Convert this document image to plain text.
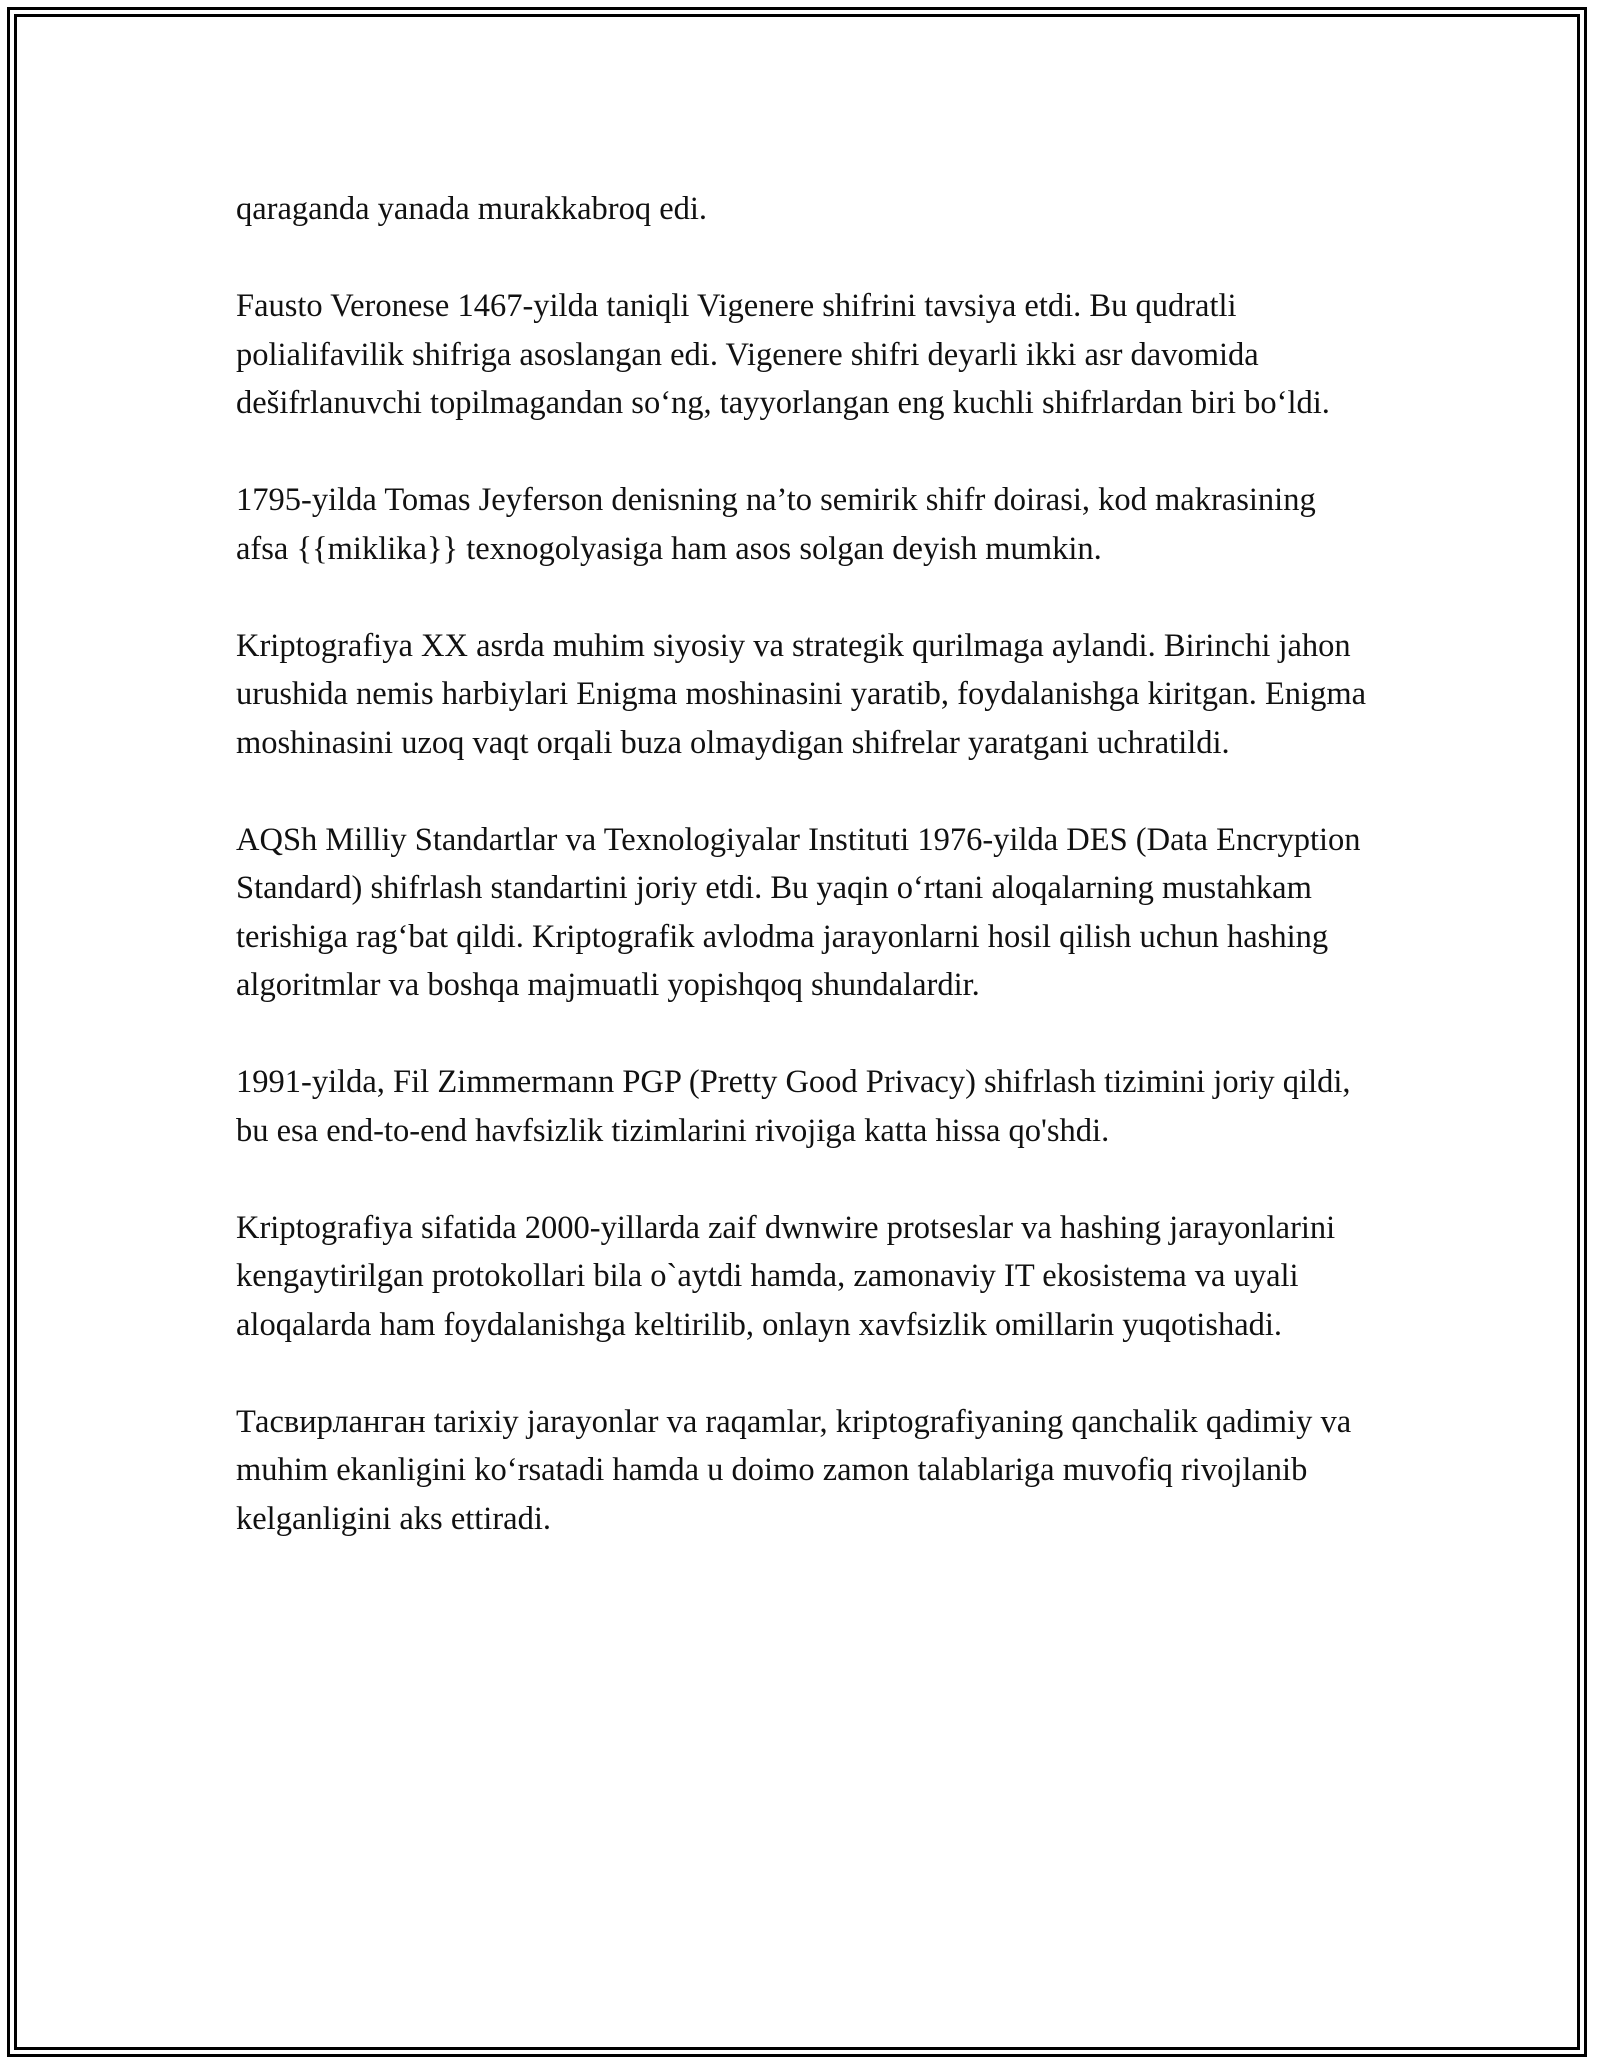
qaraganda yanada murakkabroq edi.

Fausto Veronese 1467-yilda taniqli Vigenere shifrini tavsiya etdi. Bu qudratli polialifavilik shifriga asoslangan edi. Vigenere shifri deyarli ikki asr davomida dešifrlanuvchi topilmagandan so‘ng, tayyorlangan eng kuchli shifrlardan biri bo‘ldi.

1795-yilda Tomas Jeyferson denisning na’to semirik shifr doirasi, kod makrasining afsa {{miklika}} texnogolyasiga ham asos solgan deyish mumkin.

Kriptografiya XX asrda muhim siyosiy va strategik qurilmaga aylandi. Birinchi jahon urushida nemis harbiylari Enigma moshinasini yaratib, foydalanishga kiritgan. Enigma moshinasini uzoq vaqt orqali buza olmaydigan shifrelar yaratgani uchratildi.

AQSh Milliy Standartlar va Texnologiyalar Instituti 1976-yilda DES (Data Encryption Standard) shifrlash standartini joriy etdi. Bu yaqin o‘rtani aloqalarning mustahkam terishiga rag‘bat qildi. Kriptografik avlodma jarayonlarni hosil qilish uchun hashing algoritmlar va boshqa majmuatli yopishqoq shundalardir.

1991-yilda, Fil Zimmermann PGP (Pretty Good Privacy) shifrlash tizimini joriy qildi, bu esa end-to-end havfsizlik tizimlarini rivojiga katta hissa qo'shdi.

Kriptografiya sifatida 2000-yillarda zaif dwnwire protseslar va hashing jarayonlarini kengaytirilgan protokollari bila o`aytdi hamda, zamonaviy IT ekosistema va uyali aloqalarda ham foydalanishga keltirilib, onlayn xavfsizlik omillarin yuqotishadi.

Тасвирланган tarixiy jarayonlar va raqamlar, kriptografiyaning qanchalik qadimiy va muhim ekanligini ko‘rsatadi hamda u doimo zamon talablariga muvofiq rivojlanib kelganligini aks ettiradi.
